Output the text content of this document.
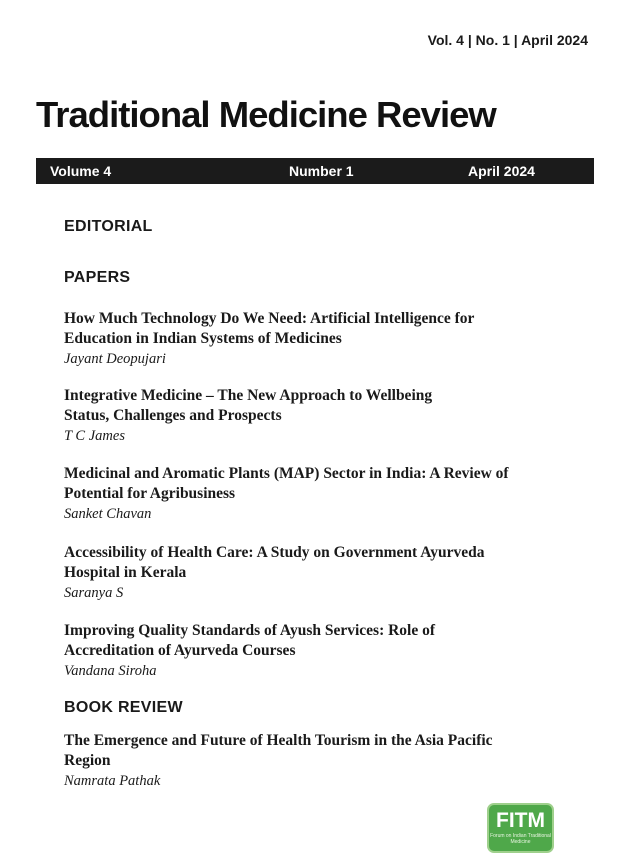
Vol. 4 | No. 1 | April 2024
Traditional Medicine Review
Volume 4	Number 1	April 2024
EDITORIAL
PAPERS

How Much Technology Do We Need: Artificial Intelligence for

Education in Indian Systems of Medicines

Jayant Deopujari

Integrative Medicine – The New Approach to Wellbeing

Status, Challenges and Prospects

T C James

Medicinal and Aromatic Plants (MAP) Sector in India: A Review of

Potential for Agribusiness

Sanket Chavan

Accessibility of Health Care: A Study on Government Ayurveda

Hospital in Kerala

Saranya S

Improving Quality Standards of Ayush Services: Role of

Accreditation of Ayurveda Courses

Vandana Siroha

BOOK REVIEW

The Emergence and Future of Health Tourism in the Asia Pacific

Region

Namrata Pathak

FITM
Forum on Indian Traditional Medicine
